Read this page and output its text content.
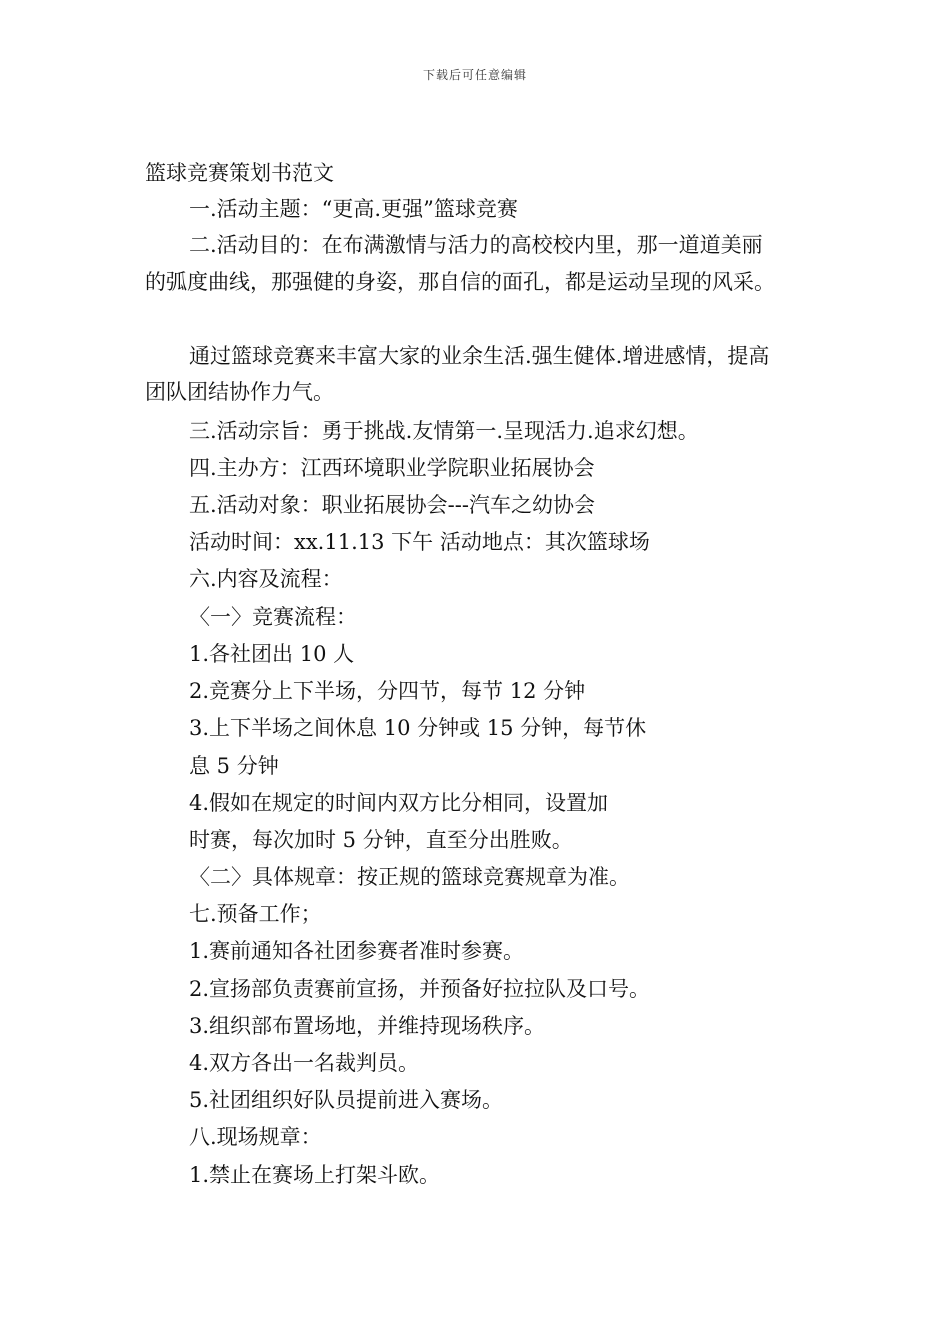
下载后可任意编辑
篮球竞赛策划书范文
一.活动主题：“更高.更强”篮球竞赛
二.活动目的：在布满激情与活力的高校校内里，那一道道美丽
的弧度曲线，那强健的身姿，那自信的面孔，都是运动呈现的风采。
通过篮球竞赛来丰富大家的业余生活.强生健体.增进感情，提高
团队团结协作力气。
三.活动宗旨：勇于挑战.友情第一.呈现活力.追求幻想。
四.主办方：江西环境职业学院职业拓展协会
五.活动对象：职业拓展协会---汽车之幼协会
活动时间：xx.11.13 下午 活动地点：其次篮球场
六.内容及流程：
〈一〉竞赛流程：
1.各社团出 10 人
2.竞赛分上下半场，分四节，每节 12 分钟
3.上下半场之间休息 10 分钟或 15 分钟，每节休
息 5 分钟
4.假如在规定的时间内双方比分相同，设置加
时赛，每次加时 5 分钟，直至分出胜败。
〈二〉具体规章：按正规的篮球竞赛规章为准。
七.预备工作；
1.赛前通知各社团参赛者准时参赛。
2.宣扬部负责赛前宣扬，并预备好拉拉队及口号。
3.组织部布置场地，并维持现场秩序。
4.双方各出一名裁判员。
5.社团组织好队员提前进入赛场。
八.现场规章：
1.禁止在赛场上打架斗欧。
